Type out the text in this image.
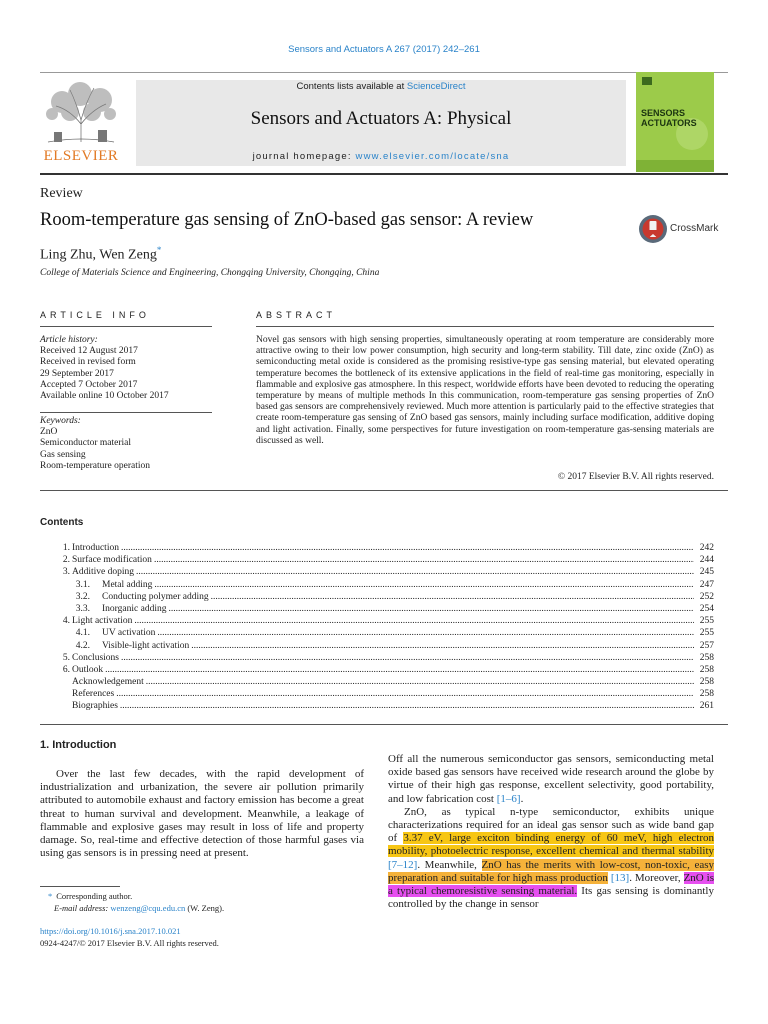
Sensors and Actuators A 267 (2017) 242–261
ELSEVIER
Contents lists available at ScienceDirect
Sensors and Actuators A: Physical
journal homepage: www.elsevier.com/locate/sna
SENSORS
ACTUATORS
Review
Room-temperature gas sensing of ZnO-based gas sensor: A review
Ling Zhu, Wen Zeng*
College of Materials Science and Engineering, Chongqing University, Chongqing, China
CrossMark
ARTICLE INFO	ABSTRACT
Article history:
Received 12 August 2017
Received in revised form
29 September 2017
Accepted 7 October 2017
Available online 10 October 2017
Keywords:
ZnO
Semiconductor material
Gas sensing
Room-temperature operation
Novel gas sensors with high sensing properties, simultaneously operating at room temperature are considerably more attractive owing to their low power consumption, high security and long-term stability. Till date, zinc oxide (ZnO) as semiconducting metal oxide is considered as the promising resistive-type gas sensing material, but elevated operating temperature becomes the bottleneck of its extensive applications in the field of real-time gas monitoring, especially in flammable and explosive gas atmosphere. In this respect, worldwide efforts have been devoted to reducing the operating temperature by means of multiple methods In this communication, room-temperature gas sensing properties of ZnO based gas sensors are comprehensively reviewed. Much more attention is particularly paid to the effective strategies that create room-temperature gas sensing of ZnO based gas sensors, mainly including surface modification, additive doping and light activation. Finally, some perspectives for future investigation on room-temperature gas-sensing materials are discussed as well.
© 2017 Elsevier B.V. All rights reserved.
Contents
1. Introduction .....	242
2. Surface modification .....	244
3. Additive doping .....	245
3.1.	Metal adding .....	247
3.2.	Conducting polymer adding .....	252
3.3.	Inorganic adding .....	254
4. Light activation .....	255
4.1.	UV activation .....	255
4.2.	Visible-light activation .....	257
5. Conclusions .....	258
6. Outlook .....	258
Acknowledgement .....	258
References .....	258
Biographies .....	261
1. Introduction
Over the last few decades, with the rapid development of industrialization and urbanization, the severe air pollution primarily attributed to automobile exhaust and factory emission has become a great threat to human survival and development. Meanwhile, a leakage of flammable and explosive gases may result in loss of life and property damage. So, real-time and effective detection of those harmful gases via using gas sensors is in pressing need at present.

Off all the numerous semiconductor gas sensors, semiconducting metal oxide based gas sensors have received wide research around the globe by virtue of their high gas response, excellent selectivity, good portability, and low fabrication cost [1–6].

ZnO, as typical n-type semiconductor, exhibits unique characterizations required for an ideal gas sensor such as wide band gap of 3.37 eV, large exciton binding energy of 60 meV, high electron mobility, photoelectric response, excellent chemical and thermal stability [7–12]. Meanwhile, ZnO has the merits with low-cost, non-toxic, easy preparation and suitable for high mass production [13]. Moreover, ZnO is a typical chemoresistive sensing material. Its gas sensing is dominantly controlled by the change in sensor

* Corresponding author.
E-mail address: wenzeng@cqu.edu.cn (W. Zeng).
https://doi.org/10.1016/j.sna.2017.10.021
0924-4247/© 2017 Elsevier B.V. All rights reserved.
